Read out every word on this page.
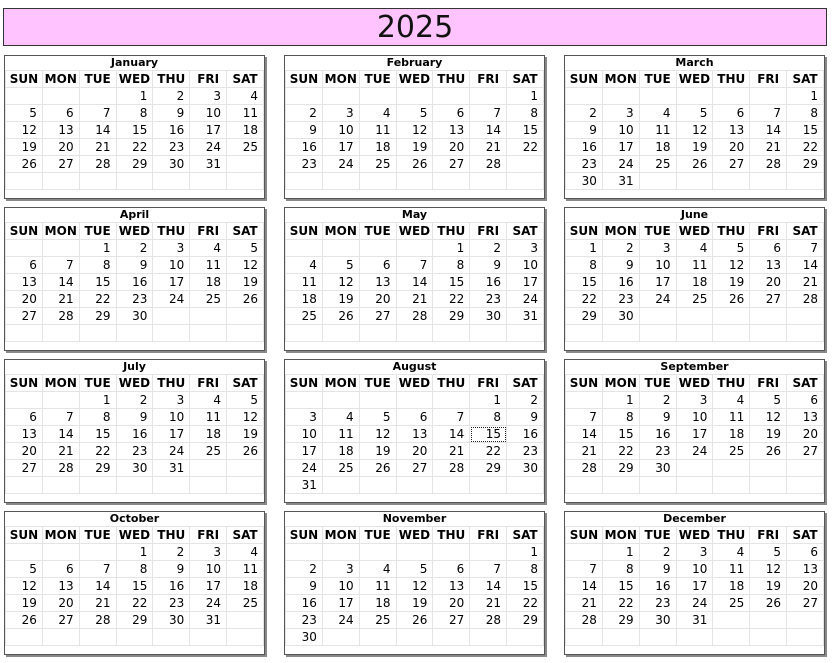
2025
January
SUN	MON	TUE	WED	THU	FRI	SAT
			1	2	3	4
5	6	7	8	9	10	11
12	13	14	15	16	17	18
19	20	21	22	23	24	25
26	27	28	29	30	31	

February
SUN	MON	TUE	WED	THU	FRI	SAT
						1
2	3	4	5	6	7	8
9	10	11	12	13	14	15
16	17	18	19	20	21	22
23	24	25	26	27	28	

March
SUN	MON	TUE	WED	THU	FRI	SAT
						1
2	3	4	5	6	7	8
9	10	11	12	13	14	15
16	17	18	19	20	21	22
23	24	25	26	27	28	29
30	31					
April
SUN	MON	TUE	WED	THU	FRI	SAT
		1	2	3	4	5
6	7	8	9	10	11	12
13	14	15	16	17	18	19
20	21	22	23	24	25	26
27	28	29	30			

May
SUN	MON	TUE	WED	THU	FRI	SAT
				1	2	3
4	5	6	7	8	9	10
11	12	13	14	15	16	17
18	19	20	21	22	23	24
25	26	27	28	29	30	31

June
SUN	MON	TUE	WED	THU	FRI	SAT
1	2	3	4	5	6	7
8	9	10	11	12	13	14
15	16	17	18	19	20	21
22	23	24	25	26	27	28
29	30					

July
SUN	MON	TUE	WED	THU	FRI	SAT
		1	2	3	4	5
6	7	8	9	10	11	12
13	14	15	16	17	18	19
20	21	22	23	24	25	26
27	28	29	30	31		

August
SUN	MON	TUE	WED	THU	FRI	SAT
					1	2
3	4	5	6	7	8	9
10	11	12	13	14	15	16
17	18	19	20	21	22	23
24	25	26	27	28	29	30
31						
September
SUN	MON	TUE	WED	THU	FRI	SAT
	1	2	3	4	5	6
7	8	9	10	11	12	13
14	15	16	17	18	19	20
21	22	23	24	25	26	27
28	29	30				

October
SUN	MON	TUE	WED	THU	FRI	SAT
			1	2	3	4
5	6	7	8	9	10	11
12	13	14	15	16	17	18
19	20	21	22	23	24	25
26	27	28	29	30	31	

November
SUN	MON	TUE	WED	THU	FRI	SAT
						1
2	3	4	5	6	7	8
9	10	11	12	13	14	15
16	17	18	19	20	21	22
23	24	25	26	27	28	29
30						
December
SUN	MON	TUE	WED	THU	FRI	SAT
	1	2	3	4	5	6
7	8	9	10	11	12	13
14	15	16	17	18	19	20
21	22	23	24	25	26	27
28	29	30	31			
